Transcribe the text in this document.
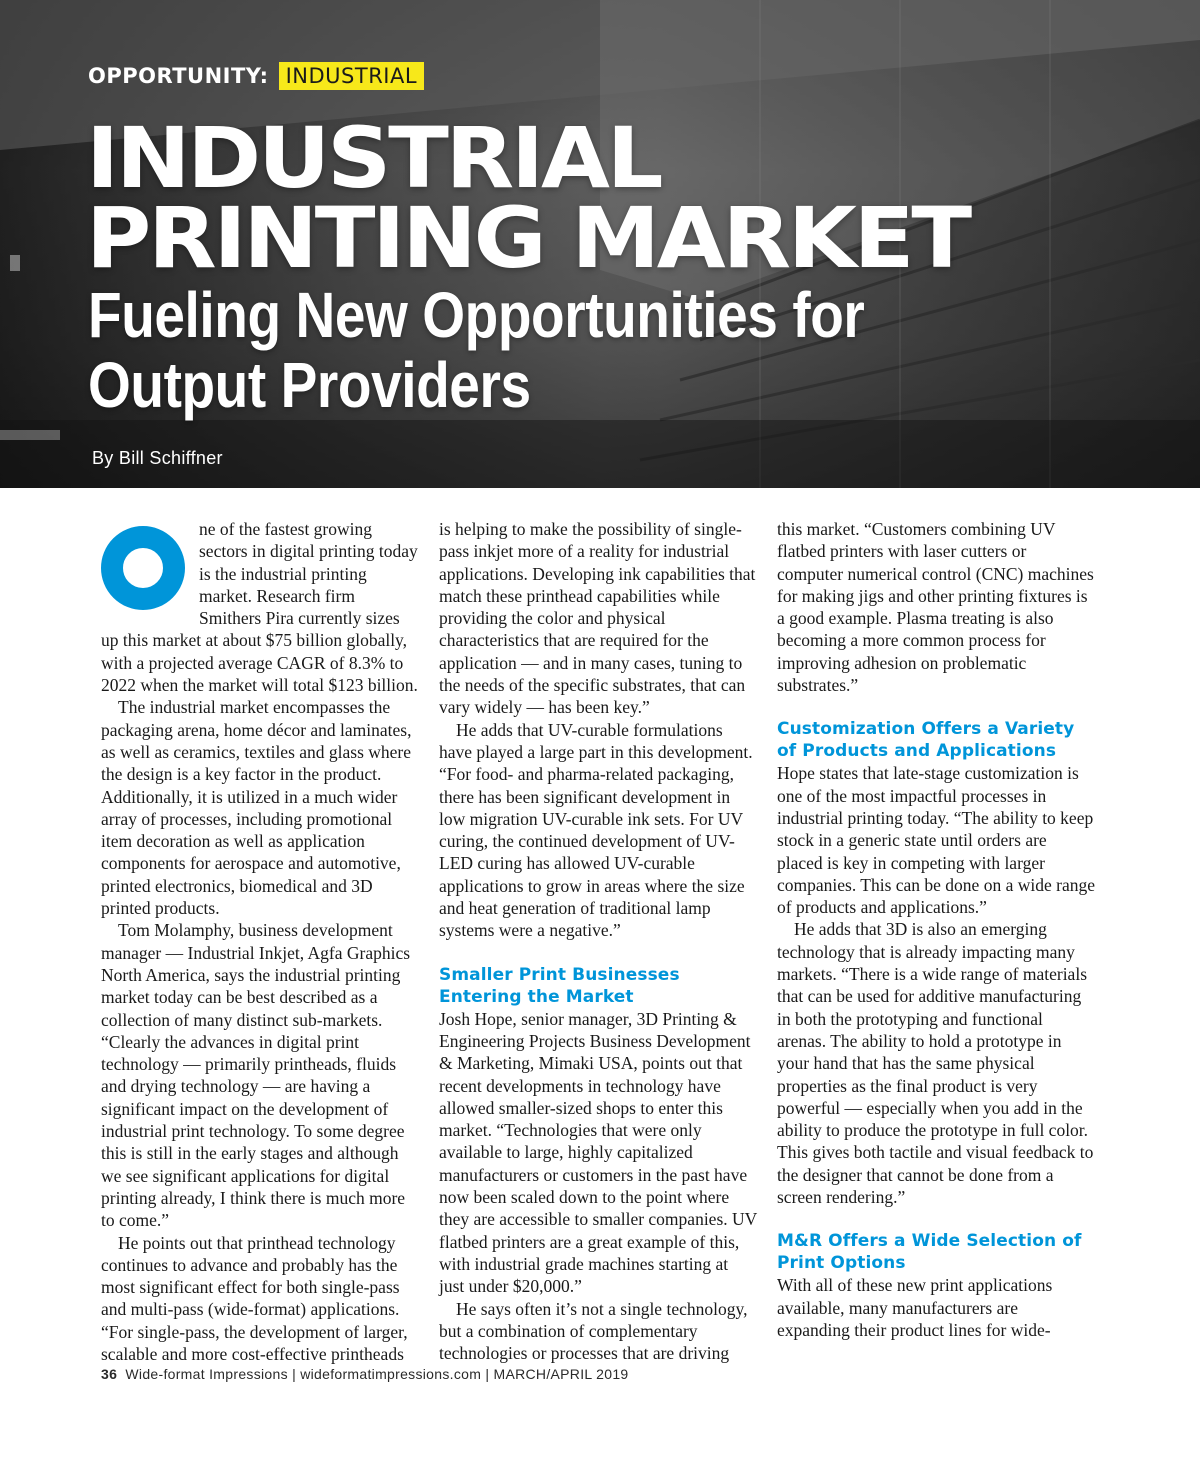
OPPORTUNITY: INDUSTRIAL
INDUSTRIAL
PRINTING MARKET
Fueling New Opportunities for
Output Providers
By Bill Schiffner

ne of the fastest growing sectors in digital printing today is the industrial printing market. Research firm Smithers Pira currently sizes up this market at about $75 billion globally, with a projected average CAGR of 8.3% to 2022 when the market will total $123 billion.

The industrial market encompasses the packaging arena, home décor and laminates, as well as ceramics, textiles and glass where the design is a key factor in the product. Additionally, it is utilized in a much wider array of processes, including promotional item decoration as well as application components for aerospace and automotive, printed electronics, biomedical and 3D printed products.

Tom Molamphy, business development manager — Industrial Inkjet, Agfa Graphics North America, says the industrial printing market today can be best described as a collection of many distinct sub-markets. “Clearly the advances in digital print technology — primarily printheads, fluids and drying technology — are having a significant impact on the development of industrial print technology. To some degree this is still in the early stages and although we see significant applications for digital printing already, I think there is much more to come.”

He points out that printhead technology continues to advance and probably has the most significant effect for both single-pass and multi-pass (wide-format) applications. “For single-pass, the development of larger, scalable and more cost-effective printheads

is helping to make the possibility of single-pass inkjet more of a reality for industrial applications. Developing ink capabilities that match these printhead capabilities while providing the color and physical characteristics that are required for the application — and in many cases, tuning to the needs of the specific substrates, that can vary widely — has been key.”

He adds that UV-curable formulations have played a large part in this development. “For food- and pharma-related packaging, there has been significant development in low migration UV-curable ink sets. For UV curing, the continued development of UV-LED curing has allowed UV-curable applications to grow in areas where the size and heat generation of traditional lamp systems were a negative.”

Smaller Print Businesses Entering the Market

Josh Hope, senior manager, 3D Printing & Engineering Projects Business Development & Marketing, Mimaki USA, points out that recent developments in technology have allowed smaller-sized shops to enter this market. “Technologies that were only available to large, highly capitalized manufacturers or customers in the past have now been scaled down to the point where they are accessible to smaller companies. UV flatbed printers are a great example of this, with industrial grade machines starting at just under $20,000.”

He says often it’s not a single technology, but a combination of complementary technologies or processes that are driving

this market. “Customers combining UV flatbed printers with laser cutters or computer numerical control (CNC) machines for making jigs and other printing fixtures is a good example. Plasma treating is also becoming a more common process for improving adhesion on problematic substrates.”

Customization Offers a Variety of Products and Applications

Hope states that late-stage customization is one of the most impactful processes in industrial printing today. “The ability to keep stock in a generic state until orders are placed is key in competing with larger companies. This can be done on a wide range of products and applications.”

He adds that 3D is also an emerging technology that is already impacting many markets. “There is a wide range of materials that can be used for additive manufacturing in both the prototyping and functional arenas. The ability to hold a prototype in your hand that has the same physical properties as the final product is very powerful — especially when you add in the ability to produce the prototype in full color. This gives both tactile and visual feedback to the designer that cannot be done from a screen rendering.”

M&R Offers a Wide Selection of Print Options

With all of these new print applications available, many manufacturers are expanding their product lines for wide-

36 Wide-format Impressions | wideformatimpressions.com | MARCH/APRIL 2019
